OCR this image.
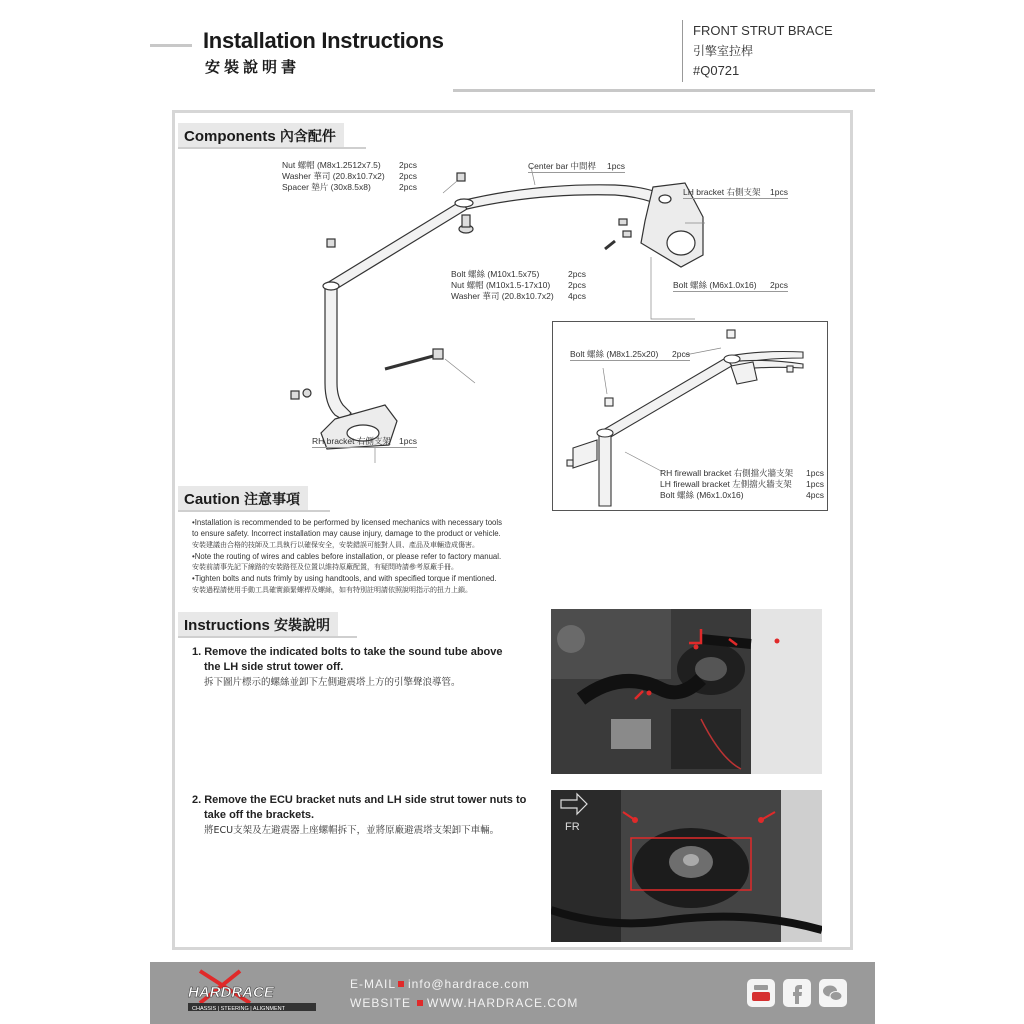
Installation Instructions
安裝說明書
FRONT STRUT BRACE
引擎室拉桿
#Q0721
Components 內含配件
Nut 螺帽 (M8x1.2512x7.5) 2pcs
Washer 華司 (20.8x10.7x2) 2pcs
Spacer 墊片 (30x8.5x8)	2pcs
Center bar 中間桿 1pcs
LH bracket 右側支架 1pcs
Bolt 螺絲 (M10x1.5x75)	2pcs
Nut 螺帽 (M10x1.5-17x10) 2pcs
Washer 華司 (20.8x10.7x2) 4pcs
Bolt 螺絲 (M6x1.0x16) 2pcs
RH bracket 右側支架 1pcs
Bolt 螺絲 (M8x1.25x20) 2pcs
RH firewall bracket 右側擋火牆支架 1pcs
LH firewall bracket 左側擋火牆支架 1pcs
Bolt 螺絲 (M6x1.0x16)	4pcs
Caution 注意事項

•Installation is recommended to be performed by licensed mechanics with necessary tools

to ensure safety. Incorrect installation may cause injury, damage to the product or vehicle.

安裝建議由合格的技師及工具執行以確保安全，安裝錯誤可能對人員、產品及車輛造成傷害。

•Note the routing of wires and cables before installation, or please refer to factory manual.

安裝前請事先記下線路的安裝路徑及位置以維持原廠配置，有疑問時請參考原廠手冊。

•Tighten bolts and nuts frimly by using handtools, and with specified torque if mentioned.

安裝過程請使用手動工具確實鎖緊螺桿及螺絲，如有特別註明請依照說明指示的扭力上鎖。

Instructions 安裝說明
1. Remove the indicated bolts to take the sound tube above
the LH side strut tower off.
拆下圖片標示的螺絲並卸下左側避震塔上方的引擎聲浪導管。
2. Remove the ECU bracket nuts and LH side strut tower nuts to
take off the brackets.
將ECU支架及左避震器上座螺帽拆下，並將原廠避震塔支架卸下車輛。	FR
HARDRACE
CHASSIS | STEERING | ALIGNMENT
E-MAIL info@hardrace.com
WEBSITE WWW.HARDRACE.COM
